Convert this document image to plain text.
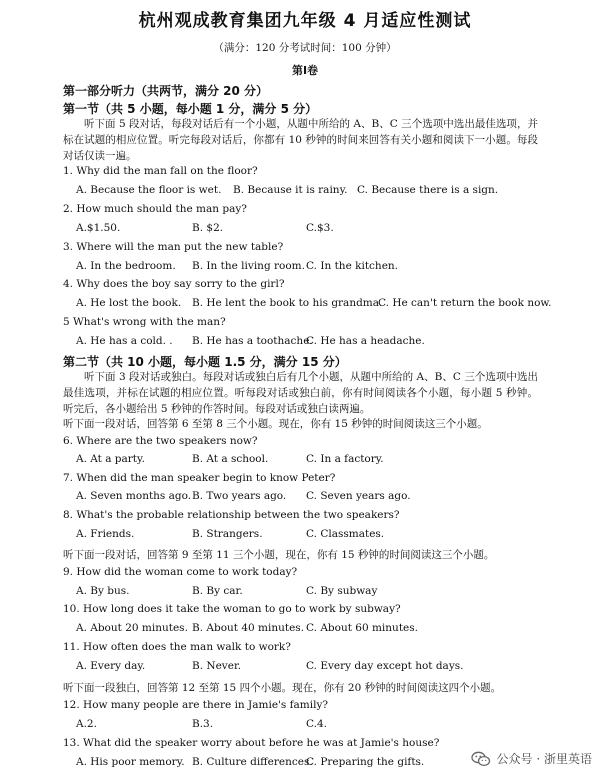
杭州观成教育集团九年级 4 月适应性测试
（满分：120 分考试时间：100 分钟）
第Ⅰ卷
第一部分听力（共两节，满分 20 分）
第一节（共 5 小题，每小题 1 分，满分 5 分）
听下面 5 段对话，每段对话后有一个小题，从题中所给的 A、B、C 三个选项中选出最佳选项，并标在试题的相应位置。听完每段对话后，你都有 10 秒钟的时间来回答有关小题和阅读下一小题。每段对话仅读一遍。
1. Why did the man fall on the floor?
A. Because the floor is wet. B. Because it is rainy. C. Because there is a sign.
2. How much should the man pay?
A.$1.50.	B. $2.	C.$3.
3. Where will the man put the new table?
A. In the bedroom. B. In the living room. C. In the kitchen.
4. Why does the boy say sorry to the girl?
A. He lost the book. B. He lent the book to his grandma.
C. He can't return the book now.
5 What's wrong with the man?
A. He has a cold. . B. He has a toothache.
C. He has a headache.
第二节（共 10 小题，每小题 1.5 分，满分 15 分）
听下面 3 段对话或独白。每段对话或独白后有几个小题，从题中所给的 A、B、C 三个选项中选出最佳选项，并标在试题的相应位置。听每段对话或独白前，你有时间阅读各个小题，每小题 5 秒钟。听完后，各小题给出 5 秒钟的作答时间。每段对话或独白读两遍。
听下面一段对话，回答第 6 至第 8 三个小题。现在，你有 15 秒钟的时间阅读这三个小题。
6. Where are the two speakers now?
A. At a party.	B. At a school.	C. In a factory.
7. When did the man speaker begin to know Peter?
A. Seven months ago. B. Two years ago. C. Seven years ago.
8. What's the probable relationship between the two speakers?
A. Friends.	B. Strangers.	C. Classmates.
听下面一段对话，回答第 9 至第 11 三个小题，现在，你有 15 秒钟的时间阅读这三个小题。
9. How did the woman come to work today?
A. By bus.	B. By car.	C. By subway
10. How long does it take the woman to go to work by subway?
A. About 20 minutes. B. About 40 minutes. C. About 60 minutes.
11. How often does the man walk to work?
A. Every day.	B. Never.	C. Every day except hot days.
听下面一段独白，回答第 12 至第 15 四个小题。现在，你有 20 秒钟的时间阅读这四个小题。
12. How many people are there in Jamie's family?
A.2.	B.3.	C.4.
13. What did the speaker worry about before he was at Jamie's house?
A. His poor memory. B. Culture differences.
C. Preparing the gifts.	公众号 · 浙里英语
